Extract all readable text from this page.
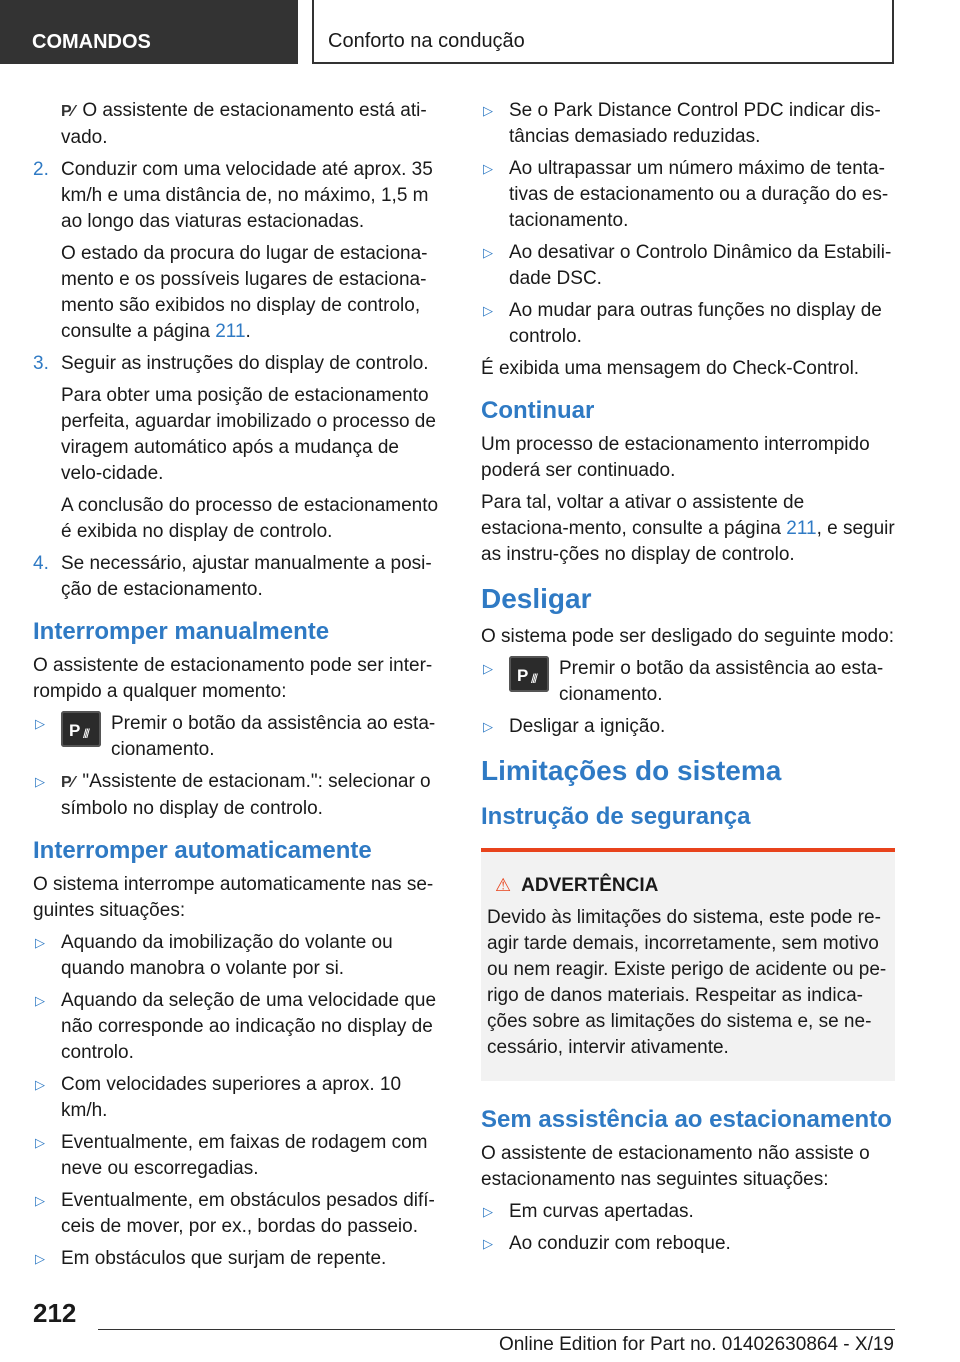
COMANDOS	Conforto na condução

P⁄ O assistente de estacionamento está ati-vado.

2. Conduzir com uma velocidade até aprox. 35 km/h e uma distância de, no máximo, 1,5 m ao longo das viaturas estacionadas.

O estado da procura do lugar de estaciona-mento e os possíveis lugares de estaciona-mento são exibidos no display de controlo, consulte a página 211.

3. Seguir as instruções do display de controlo.

Para obter uma posição de estacionamento perfeita, aguardar imobilizado o processo de viragem automático após a mudança de velo-cidade.

A conclusão do processo de estacionamento é exibida no display de controlo.

4. Se necessário, ajustar manualmente a posi-ção de estacionamento.

Interromper manualmente

O assistente de estacionamento pode ser inter-rompido a qualquer momento:

▷ P /// Premir o botão da assistência ao esta-cionamento.
▷ P⁄ "Assistente de estacionam.": selecionar o símbolo no display de controlo.
Interromper automaticamente

O sistema interrompe automaticamente nas se-guintes situações:

▷ Aquando da imobilização do volante ou quando manobra o volante por si.
▷ Aquando da seleção de uma velocidade que não corresponde ao indicação no display de controlo.
▷ Com velocidades superiores a aprox. 10 km/h.
▷ Eventualmente, em faixas de rodagem com neve ou escorregadias.
▷ Eventualmente, em obstáculos pesados difí-ceis de mover, por ex., bordas do passeio.
▷ Em obstáculos que surjam de repente.
▷ Se o Park Distance Control PDC indicar dis-tâncias demasiado reduzidas.
▷ Ao ultrapassar um número máximo de tenta-tivas de estacionamento ou a duração do es-tacionamento.
▷ Ao desativar o Controlo Dinâmico da Estabili-dade DSC.
▷ Ao mudar para outras funções no display de controlo.

É exibida uma mensagem do Check-Control.

Continuar

Um processo de estacionamento interrompido poderá ser continuado.

Para tal, voltar a ativar o assistente de estaciona-mento, consulte a página 211, e seguir as instru-ções no display de controlo.

Desligar

O sistema pode ser desligado do seguinte modo:

▷ P /// Premir o botão da assistência ao esta-cionamento.
▷ Desligar a ignição.
Limitações do sistema
Instrução de segurança
⚠ ADVERTÊNCIA
Devido às limitações do sistema, este pode re-agir tarde demais, incorretamente, sem motivo ou nem reagir. Existe perigo de acidente ou pe-rigo de danos materiais. Respeitar as indica-ções sobre as limitações do sistema e, se ne-cessário, intervir ativamente.
Sem assistência ao estacionamento

O assistente de estacionamento não assiste o estacionamento nas seguintes situações:

▷ Em curvas apertadas.
▷ Ao conduzir com reboque.
212
Online Edition for Part no. 01402630864 - X/19
